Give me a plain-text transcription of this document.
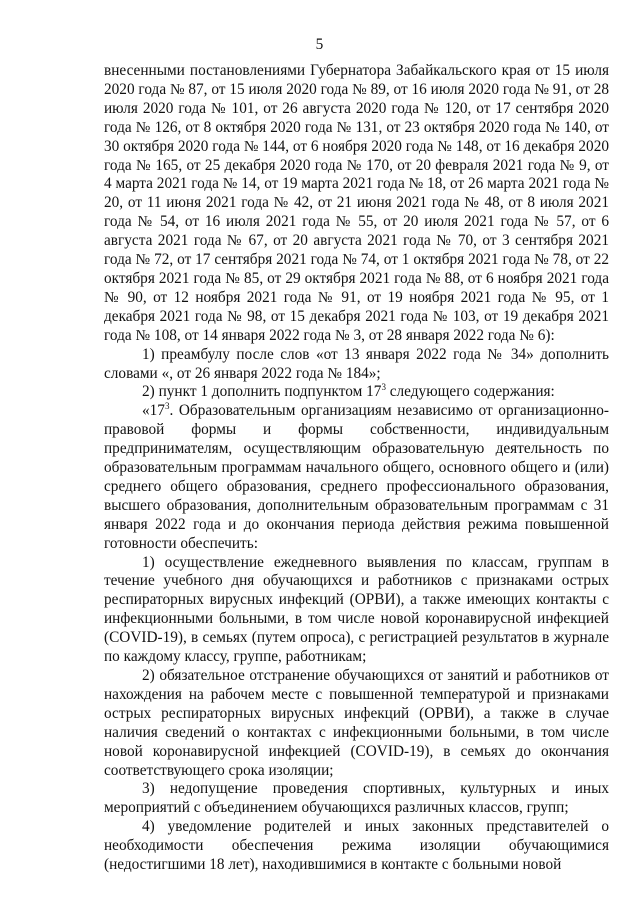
5

внесенными постановлениями Губернатора Забайкальского края от 15 июля 2020 года № 87, от 15 июля 2020 года № 89, от 16 июля 2020 года № 91, от 28 июля 2020 года № 101, от 26 августа 2020 года № 120, от 17 сентября 2020 года № 126, от 8 октября 2020 года № 131, от 23 октября 2020 года № 140, от 30 октября 2020 года № 144, от 6 ноября 2020 года № 148, от 16 декабря 2020 года № 165, от 25 декабря 2020 года № 170, от 20 февраля 2021 года № 9, от 4 марта 2021 года № 14, от 19 марта 2021 года № 18, от 26 марта 2021 года № 20, от 11 июня 2021 года № 42, от 21 июня 2021 года № 48, от 8 июля 2021 года № 54, от 16 июля 2021 года № 55, от 20 июля 2021 года № 57, от 6 августа 2021 года № 67, от 20 августа 2021 года № 70, от 3 сентября 2021 года № 72, от 17 сентября 2021 года № 74, от 1 октября 2021 года № 78, от 22 октября 2021 года № 85, от 29 октября 2021 года № 88, от 6 ноября 2021 года № 90, от 12 ноября 2021 года № 91, от 19 ноября 2021 года № 95, от 1 декабря 2021 года № 98, от 15 декабря 2021 года № 103, от 19 декабря 2021 года № 108, от 14 января 2022 года № 3, от 28 января 2022 года № 6):

1) преамбулу после слов «от 13 января 2022 года № 34» дополнить словами «, от 26 января 2022 года № 184»;

2) пункт 1 дополнить подпунктом $17^3$ следующего содержания:

«$17^3$. Образовательным организациям независимо от организационно-правовой формы и формы собственности, индивидуальным предпринимателям, осуществляющим образовательную деятельность по образовательным программам начального общего, основного общего и (или) среднего общего образования, среднего профессионального образования, высшего образования, дополнительным образовательным программам с 31 января 2022 года и до окончания периода действия режима повышенной готовности обеспечить:

1) осуществление ежедневного выявления по классам, группам в течение учебного дня обучающихся и работников с признаками острых респираторных вирусных инфекций (ОРВИ), а также имеющих контакты с инфекционными больными, в том числе новой коронавирусной инфекцией (COVID-19), в семьях (путем опроса), с регистрацией результатов в журнале по каждому классу, группе, работникам;

2) обязательное отстранение обучающихся от занятий и работников от нахождения на рабочем месте с повышенной температурой и признаками острых респираторных вирусных инфекций (ОРВИ), а также в случае наличия сведений о контактах с инфекционными больными, в том числе новой коронавирусной инфекцией (COVID-19), в семьях до окончания соответствующего срока изоляции;

3) недопущение проведения спортивных, культурных и иных мероприятий с объединением обучающихся различных классов, групп;

4) уведомление родителей и иных законных представителей о необходимости обеспечения режима изоляции обучающимися (недостигшими 18 лет), находившимися в контакте с больными новой
